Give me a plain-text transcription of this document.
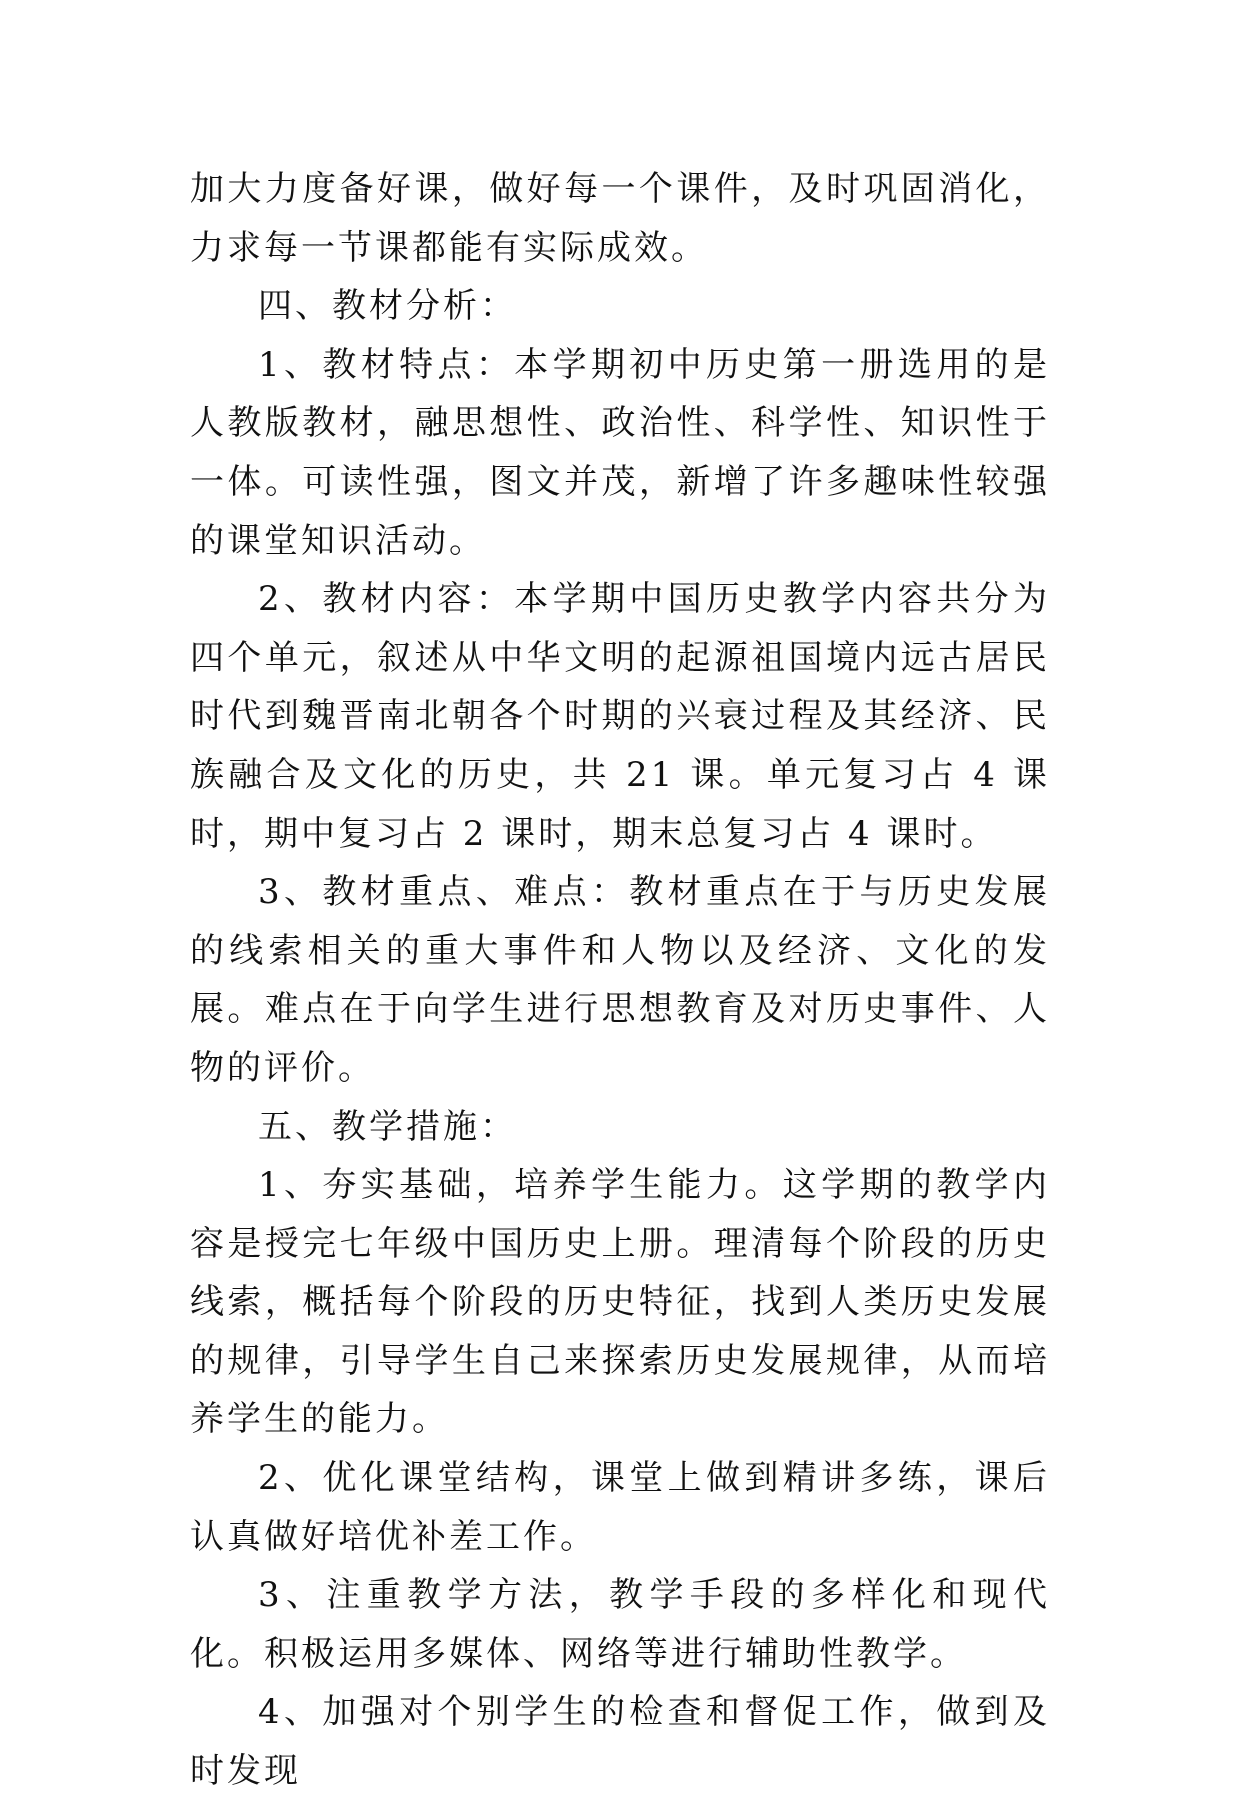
加大力度备好课，做好每一个课件，及时巩固消化，力求每一节课都能有实际成效。

四、教材分析：

1、教材特点：本学期初中历史第一册选用的是人教版教材，融思想性、政治性、科学性、知识性于一体。可读性强，图文并茂，新增了许多趣味性较强的课堂知识活动。

2、教材内容：本学期中国历史教学内容共分为四个单元，叙述从中华文明的起源祖国境内远古居民时代到魏晋南北朝各个时期的兴衰过程及其经济、民族融合及文化的历史，共 21 课。单元复习占 4 课时，期中复习占 2 课时，期末总复习占 4 课时。

3、教材重点、难点：教材重点在于与历史发展的线索相关的重大事件和人物以及经济、文化的发展。难点在于向学生进行思想教育及对历史事件、人物的评价。

五、教学措施：

1、夯实基础，培养学生能力。这学期的教学内容是授完七年级中国历史上册。理清每个阶段的历史线索，概括每个阶段的历史特征，找到人类历史发展的规律，引导学生自己来探索历史发展规律，从而培养学生的能力。

2、优化课堂结构，课堂上做到精讲多练，课后认真做好培优补差工作。

3、注重教学方法，教学手段的多样化和现代化。积极运用多媒体、网络等进行辅助性教学。

4、加强对个别学生的检查和督促工作，做到及时发现
